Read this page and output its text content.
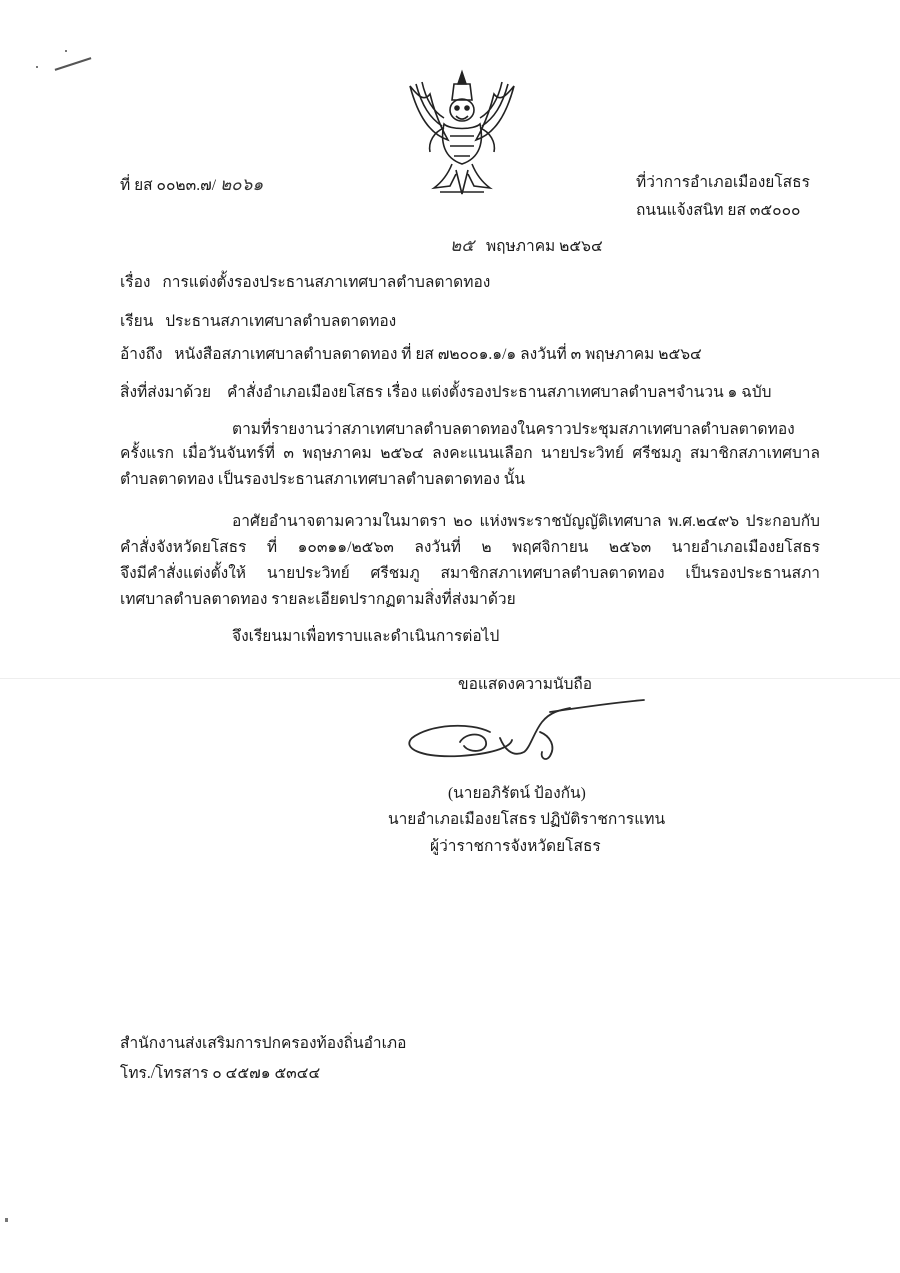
ที่ ยส ๐๐๒๓.๗/ ๒๐๖๑	ที่ว่าการอำเภอเมืองยโสธร
ถนนแจ้งสนิท ยส ๓๕๐๐๐
๒๕ พฤษภาคม ๒๕๖๔
เรื่อง การแต่งตั้งรองประธานสภาเทศบาลตำบลตาดทอง
เรียน ประธานสภาเทศบาลตำบลตาดทอง
อ้างถึง หนังสือสภาเทศบาลตำบลตาดทอง ที่ ยส ๗๒๐๐๑.๑/๑ ลงวันที่ ๓ พฤษภาคม ๒๕๖๔
สิ่งที่ส่งมาด้วย คำสั่งอำเภอเมืองยโสธร เรื่อง แต่งตั้งรองประธานสภาเทศบาลตำบลฯ จำนวน ๑ ฉบับ
ตามที่รายงานว่าสภาเทศบาลตำบลตาดทองในคราวประชุมสภาเทศบาลตำบลตาดทอง
ครั้งแรก เมื่อวันจันทร์ที่ ๓ พฤษภาคม ๒๕๖๔ ลงคะแนนเลือก นายประวิทย์ ศรีชมภู สมาชิกสภาเทศบาล
ตำบลตาดทอง เป็นรองประธานสภาเทศบาลตำบลตาดทอง นั้น
อาศัยอำนาจตามความในมาตรา ๒๐ แห่งพระราชบัญญัติเทศบาล พ.ศ.๒๔๙๖ ประกอบกับ
คำสั่งจังหวัดยโสธร ที่ ๑๐๓๑๑/๒๕๖๓ ลงวันที่ ๒ พฤศจิกายน ๒๕๖๓ นายอำเภอเมืองยโสธร
จึงมีคำสั่งแต่งตั้งให้ นายประวิทย์ ศรีชมภู สมาชิกสภาเทศบาลตำบลตาดทอง เป็นรองประธานสภา
เทศบาลตำบลตาดทอง รายละเอียดปรากฏตามสิ่งที่ส่งมาด้วย
จึงเรียนมาเพื่อทราบและดำเนินการต่อไป
ขอแสดงความนับถือ
(นายอภิรัตน์ ป้องกัน)
นายอำเภอเมืองยโสธร ปฏิบัติราชการแทน
ผู้ว่าราชการจังหวัดยโสธร
สำนักงานส่งเสริมการปกครองท้องถิ่นอำเภอ
โทร./โทรสาร ๐ ๔๕๗๑ ๕๓๔๔
